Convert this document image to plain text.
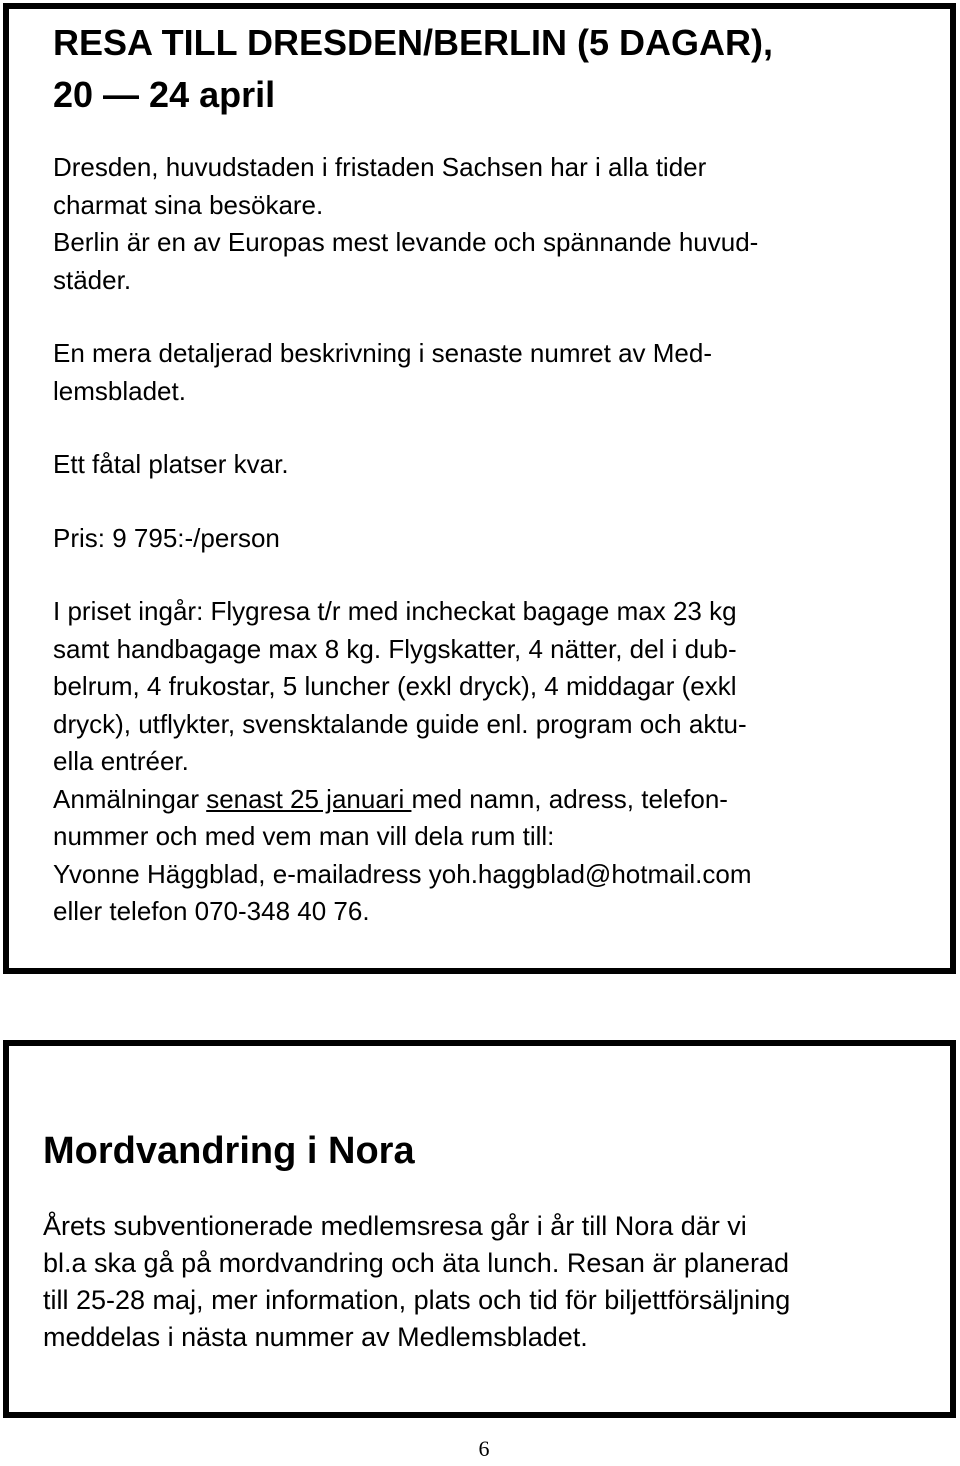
RESA TILL DRESDEN/BERLIN (5 DAGAR),

20 — 24 april

Dresden, huvudstaden i fristaden Sachsen har i alla tider

charmat sina besökare.

Berlin är en av Europas mest levande och spännande huvud-

städer.

En mera detaljerad beskrivning i senaste numret av Med-

lemsbladet.

Ett fåtal platser kvar.

Pris: 9 795:-/person

I priset ingår: Flygresa t/r med incheckat bagage max 23 kg

samt handbagage max 8 kg. Flygskatter, 4 nätter, del i dub-

belrum, 4 frukostar, 5 luncher (exkl dryck), 4 middagar (exkl

dryck), utflykter, svensktalande guide enl. program och aktu-

ella entréer.

Anmälningar senast 25 januari med namn, adress, telefon-

nummer och med vem man vill dela rum till:

Yvonne Häggblad, e-mailadress yoh.haggblad@hotmail.com

eller telefon 070-348 40 76.

Mordvandring i Nora

Årets subventionerade medlemsresa går i år till Nora där vi

bl.a ska gå på mordvandring och äta lunch. Resan är planerad

till 25-28 maj, mer information, plats och tid för biljettförsäljning

meddelas i nästa nummer av Medlemsbladet.

6
